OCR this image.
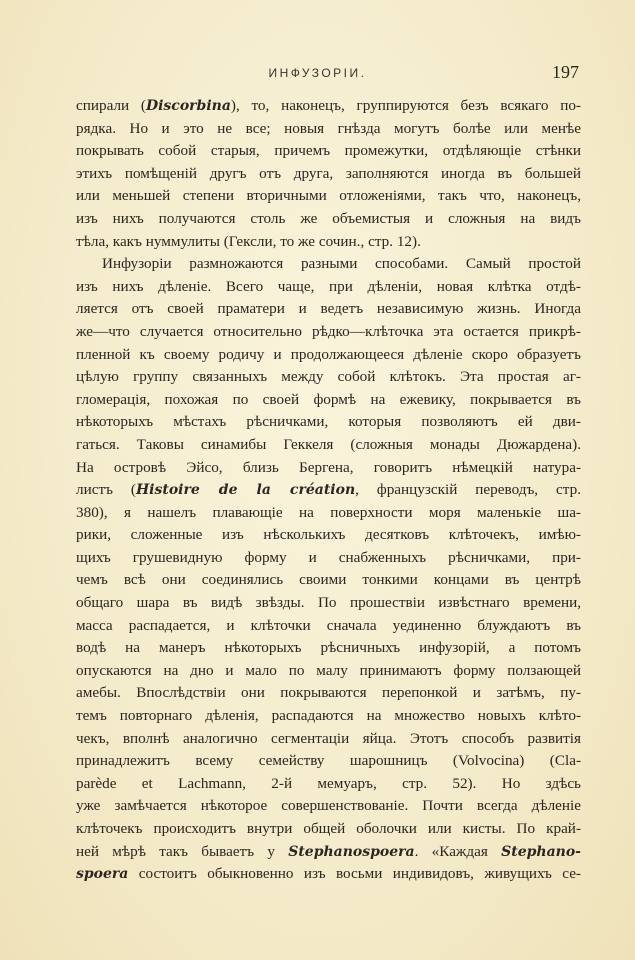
ИНФУЗОРІИ.	197
спирали (Discorbina), то, наконецъ, группируются безъ всякаго по-
рядка. Но и это не все; новыя гнѣзда могутъ болѣе или менѣе
покрывать собой старыя, причемъ промежутки, отдѣляющіе стѣнки
этихъ помѣщеній другъ отъ друга, заполняются иногда въ большей
или меньшей степени вторичными отложеніями, такъ что, наконецъ,
изъ нихъ получаются столь же объемистыя и сложныя на видъ
тѣла, какъ нуммулиты (Гексли, то же сочин., стр. 12).
Инфузоріи размножаются разными способами. Самый простой
изъ нихъ дѣленіе. Всего чаще, при дѣленіи, новая клѣтка отдѣ-
ляется отъ своей праматери и ведетъ независимую жизнь. Иногда
же—что случается относительно рѣдко—клѣточка эта остается прикрѣ-
пленной къ своему родичу и продолжающееся дѣленіе скоро образуетъ
цѣлую группу связанныхъ между собой клѣтокъ. Эта простая аг-
гломерація, похожая по своей формѣ на ежевику, покрывается въ
нѣкоторыхъ мѣстахъ рѣсничками, которыя позволяютъ ей дви-
гаться. Таковы синамибы Геккеля (сложныя монады Дюжардена).
На островѣ Эйсо, близь Бергена, говоритъ нѣмецкій натура-
листъ (Histoire de la création, французскій переводъ, стр.
380), я нашелъ плавающіе на поверхности моря маленькіе ша-
рики, сложенные изъ нѣсколькихъ десятковъ клѣточекъ, имѣю-
щихъ грушевидную форму и снабженныхъ рѣсничками, при-
чемъ всѣ они соединялись своими тонкими концами въ центрѣ
общаго шара въ видѣ звѣзды. По прошествіи извѣстнаго времени,
масса распадается, и клѣточки сначала уединенно блуждаютъ въ
водѣ на манеръ нѣкоторыхъ рѣсничныхъ инфузорій, а потомъ
опускаются на дно и мало по малу принимаютъ форму ползающей
амебы. Впослѣдствіи они покрываются перепонкой и затѣмъ, пу-
темъ повторнаго дѣленія, распадаются на множество новыхъ клѣто-
чекъ, вполнѣ аналогично сегментаціи яйца. Этотъ способъ развитія
принадлежитъ всему семейству шарошницъ (Volvocina) (Cla-
parède et Lachmann, 2-й мемуаръ, стр. 52). Но здѣсь
уже замѣчается нѣкоторое совершенствованіе. Почти всегда дѣленіе
клѣточекъ происходитъ внутри общей оболочки или кисты. По край-
ней мѣрѣ такъ бываетъ у Stephanospoera. «Каждая Stephano-
spoera состоитъ обыкновенно изъ восьми индивидовъ, живущихъ се-
